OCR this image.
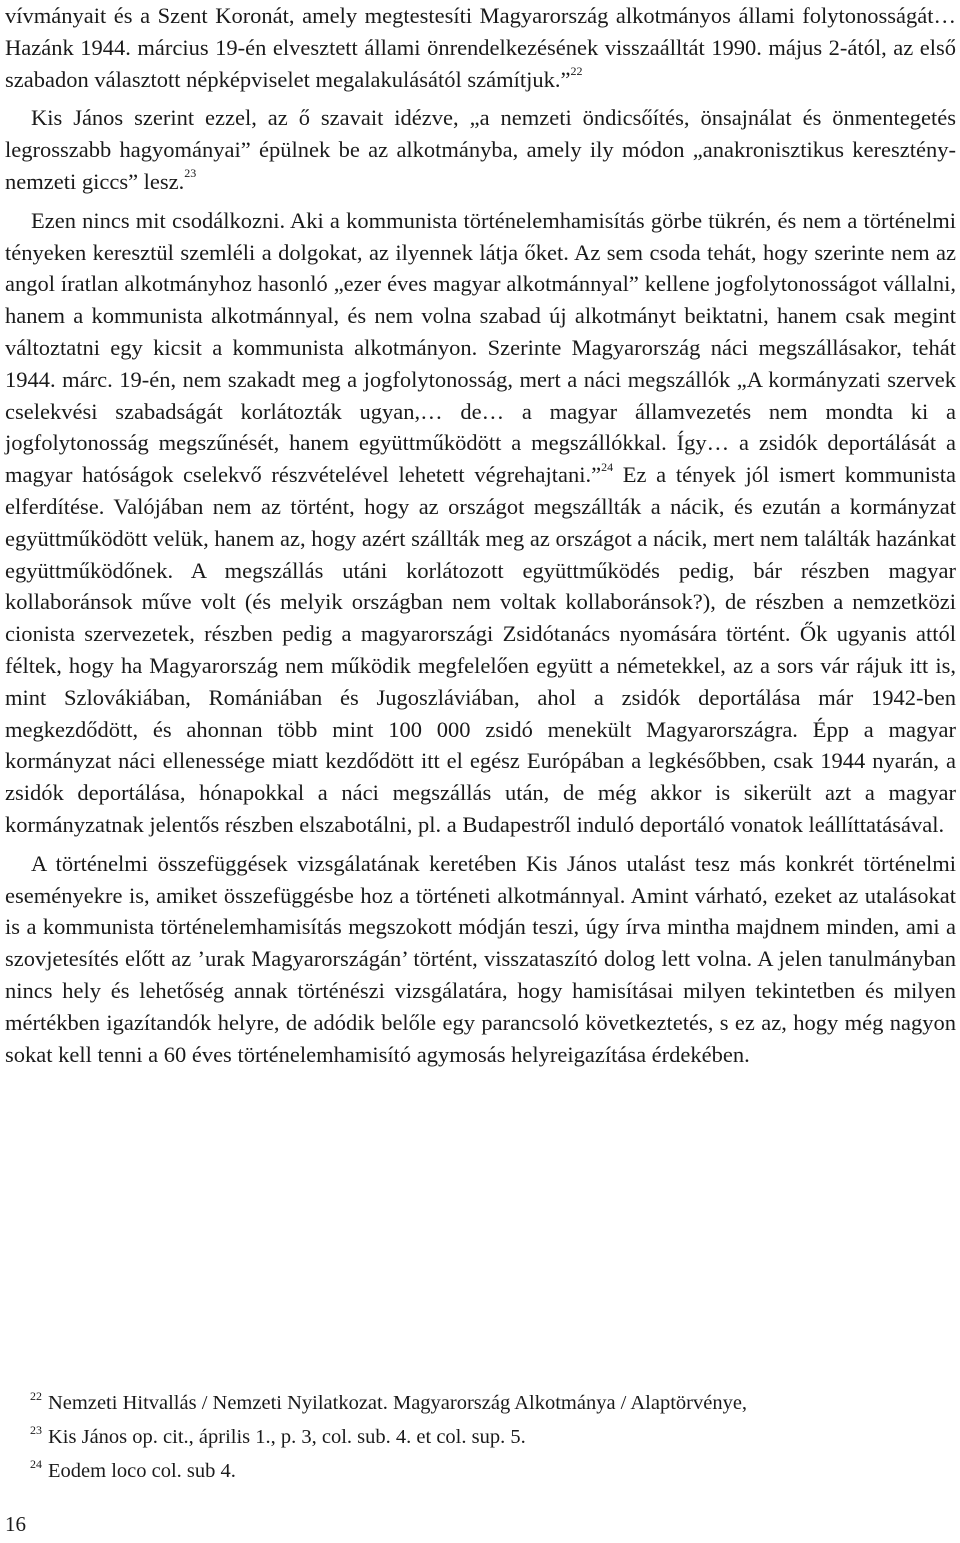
vívmányait és a Szent Koronát, amely megtestesíti Magyarország alkotmányos állami folytonosságát… Hazánk 1944. március 19-én elvesztett állami önrendelkezésének visszaálltát 1990. május 2-ától, az első szabadon választott népképviselet megalakulásától számítjuk.”$^{22}$

Kis János szerint ezzel, az ő szavait idézve, „a nemzeti öndicsőítés, önsajnálat és önmentegetés legrosszabb hagyományai” épülnek be az alkotmányba, amely ily módon „anakronisztikus keresztény-nemzeti giccs” lesz.$^{23}$

Ezen nincs mit csodálkozni. Aki a kommunista történelemhamisítás görbe tükrén, és nem a történelmi tényeken keresztül szemléli a dolgokat, az ilyennek látja őket. Az sem csoda tehát, hogy szerinte nem az angol íratlan alkotmányhoz hasonló „ezer éves magyar alkotmánnyal” kellene jogfolytonosságot vállalni, hanem a kommunista alkotmánnyal, és nem volna szabad új alkotmányt beiktatni, hanem csak megint változtatni egy kicsit a kommunista alkotmányon. Szerinte Magyarország náci megszállásakor, tehát 1944. márc. 19-én, nem szakadt meg a jogfolytonosság, mert a náci megszállók „A kormányzati szervek cselekvési szabadságát korlátozták ugyan,… de… a magyar államvezetés nem mondta ki a jogfolytonosság megszűnését, hanem együttműködött a megszállókkal. Így… a zsidók deportálását a magyar hatóságok cselekvő részvételével lehetett végrehajtani.”$^{24}$ Ez a tények jól ismert kommunista elferdítése. Valójában nem az történt, hogy az országot megszállták a nácik, és ezután a kormányzat együttműködött velük, hanem az, hogy azért szállták meg az országot a nácik, mert nem találták hazánkat együttműködőnek. A megszállás utáni korlátozott együttműködés pedig, bár részben magyar kollaboránsok műve volt (és melyik országban nem voltak kollaboránsok?), de részben a nemzetközi cionista szervezetek, részben pedig a magyarországi Zsidótanács nyomására történt. Ők ugyanis attól féltek, hogy ha Magyarország nem működik megfelelően együtt a németekkel, az a sors vár rájuk itt is, mint Szlovákiában, Romániában és Jugoszláviában, ahol a zsidók deportálása már 1942-ben megkezdődött, és ahonnan több mint 100 000 zsidó menekült Magyarországra. Épp a magyar kormányzat náci ellenessége miatt kezdődött itt el egész Európában a legkésőbben, csak 1944 nyarán, a zsidók deportálása, hónapokkal a náci megszállás után, de még akkor is sikerült azt a magyar kormányzatnak jelentős részben elszabotálni, pl. a Budapestről induló deportáló vonatok leállíttatásával.

A történelmi összefüggések vizsgálatának keretében Kis János utalást tesz más konkrét történelmi eseményekre is, amiket összefüggésbe hoz a történeti alkotmánnyal. Amint várható, ezeket az utalásokat is a kommunista történelemhamisítás megszokott módján teszi, úgy írva mintha majdnem minden, ami a szovjetesítés előtt az ’urak Magyarországán’ történt, visszataszító dolog lett volna. A jelen tanulmányban nincs hely és lehetőség annak történészi vizsgálatára, hogy hamisításai milyen tekintetben és milyen mértékben igazítandók helyre, de adódik belőle egy parancsoló következtetés, s ez az, hogy még nagyon sokat kell tenni a 60 éves történelemhamisító agymosás helyreigazítása érdekében.

$^{22}$ Nemzeti Hitvallás / Nemzeti Nyilatkozat. Magyarország Alkotmánya / Alaptörvénye,
$^{23}$ Kis János op. cit., április 1., p. 3, col. sub. 4. et col. sup. 5.
$^{24}$ Eodem loco col. sub 4.
16
